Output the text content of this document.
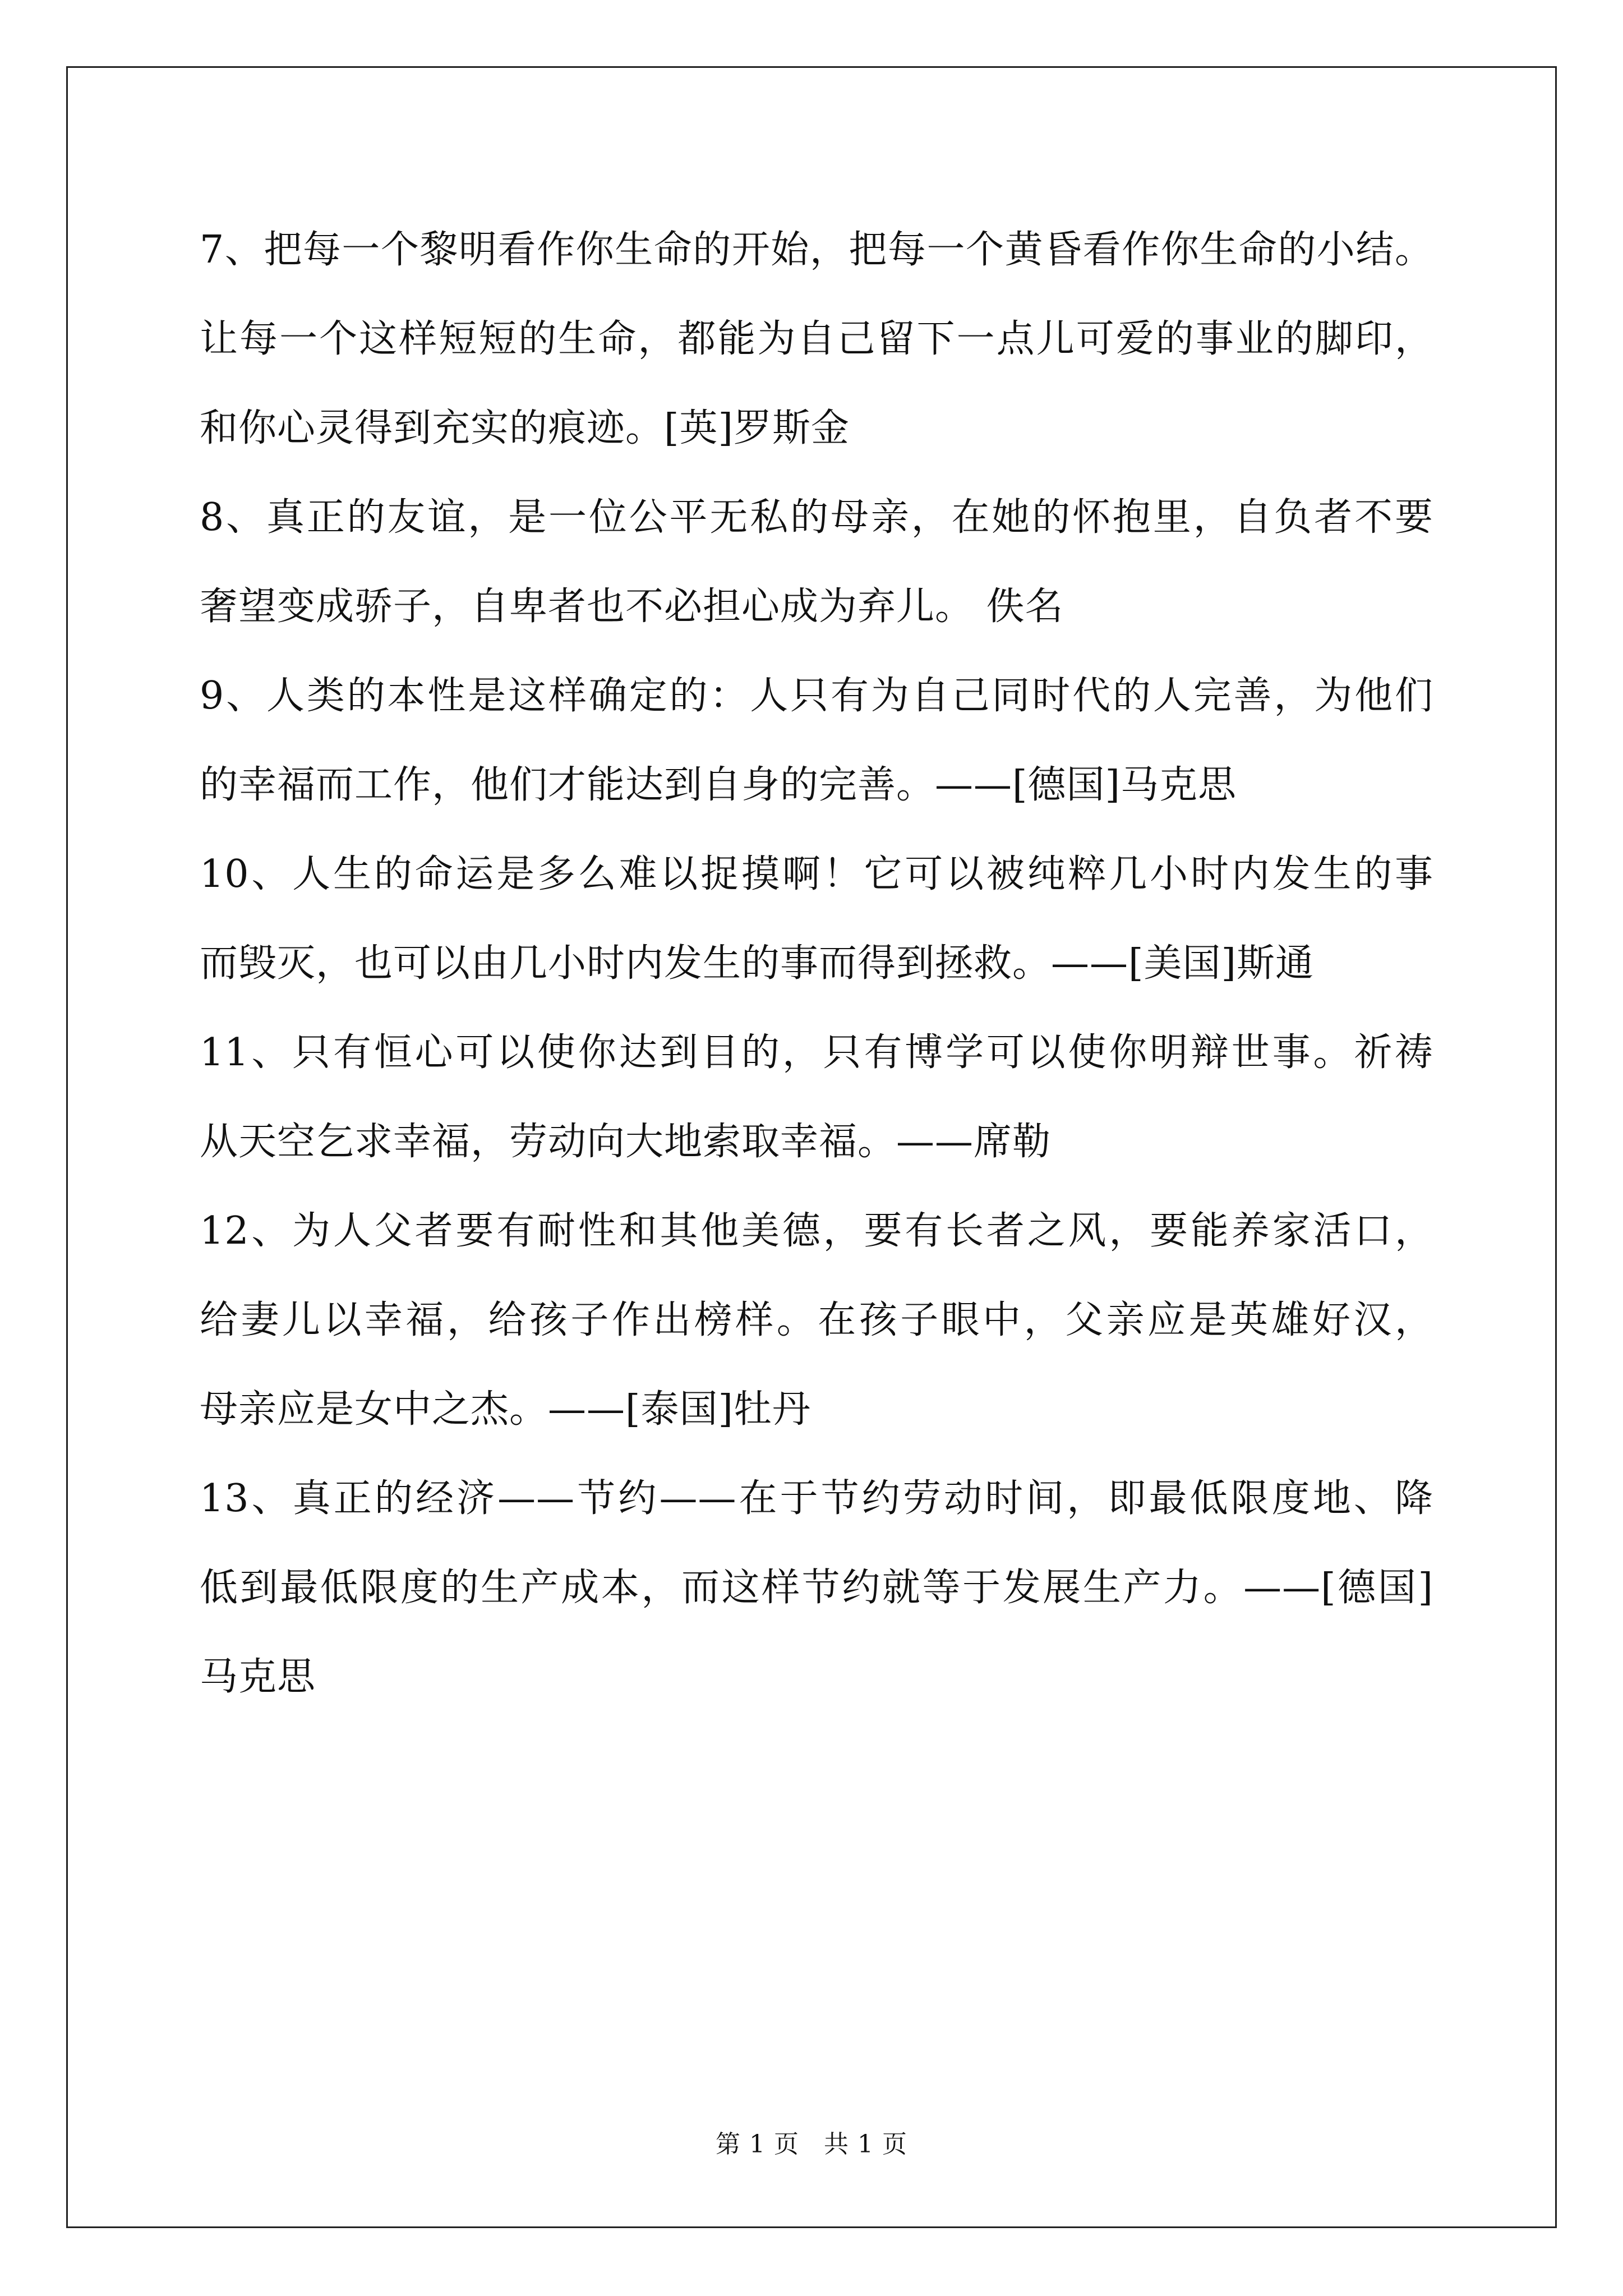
7、把每一个黎明看作你生命的开始，把每一个黄昏看作你生命的小结。
让每一个这样短短的生命，都能为自己留下一点儿可爱的事业的脚印，
和你心灵得到充实的痕迹。[英]罗斯金
8、真正的友谊，是一位公平无私的母亲，在她的怀抱里，自负者不要
奢望变成骄子，自卑者也不必担心成为弃儿。 佚名
9、人类的本性是这样确定的：人只有为自己同时代的人完善，为他们
的幸福而工作，他们才能达到自身的完善。——[德国]马克思
10、人生的命运是多么难以捉摸啊！它可以被纯粹几小时内发生的事
而毁灭，也可以由几小时内发生的事而得到拯救。——[美国]斯通
11、只有恒心可以使你达到目的，只有博学可以使你明辩世事。祈祷
从天空乞求幸福，劳动向大地索取幸福。——席勒
12、为人父者要有耐性和其他美德，要有长者之风，要能养家活口，
给妻儿以幸福，给孩子作出榜样。在孩子眼中，父亲应是英雄好汉，
母亲应是女中之杰。——[泰国]牡丹
13、真正的经济——节约——在于节约劳动时间，即最低限度地、降
低到最低限度的生产成本，而这样节约就等于发展生产力。——[德国]
马克思
第 1 页 共 1 页
